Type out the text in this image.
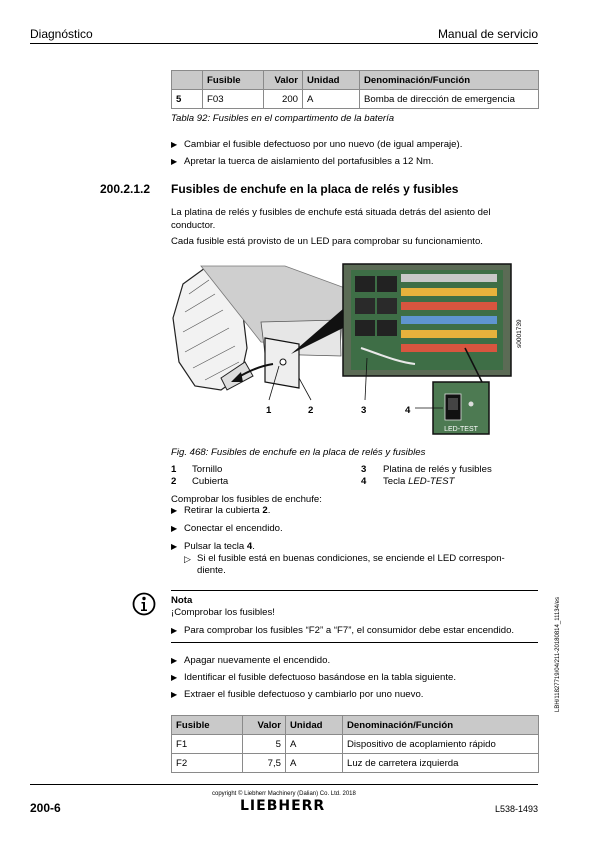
Diagnóstico	Manual de servicio
	Fusible	Valor	Unidad	Denominación/Función
5	F03	200	A	Bomba de dirección de emergencia
Tabla 92: Fusibles en el compartimento de la batería
▶ Cambiar el fusible defectuoso por uno nuevo (de igual amperaje).
▶ Apretar la tuerca de aislamiento del portafusibles a 12 Nm.
200.2.1.2 Fusibles de enchufe en la placa de relés y fusibles
La platina de relés y fusibles de enchufe está situada detrás del asiento del conductor.
Cada fusible está provisto de un LED para comprobar su funcionamiento.
LED-TEST
s0001739
1	2	3	4
Fig. 468: Fusibles de enchufe en la placa de relés y fusibles
1 Tornillo	3 Platina de relés y fusibles
2 Cubierta	4 Tecla LED-TEST
Comprobar los fusibles de enchufe:
▶ Retirar la cubierta 2.
▶ Conectar el encendido.
▶ Pulsar la tecla 4.
▷ Si el fusible está en buenas condiciones, se enciende el LED correspon-diente.
Nota
¡Comprobar los fusibles!
▶ Para comprobar los fusibles “F2” a “F7”, el consumidor debe estar encendido.
▶ Apagar nuevamente el encendido.
▶ Identificar el fusible defectuoso basándose en la tabla siguiente.
▶ Extraer el fusible defectuoso y cambiarlo por uno nuevo.
Fusible	Valor	Unidad	Denominación/Función
F1	5	A	Dispositivo de acoplamiento rápido
F2	7,5	A	Luz de carretera izquierda
LBH/11827719/04/211-20180814_11134/es
200-6
copyright © Liebherr Machinery (Dalian) Co. Ltd. 2018
LIEBHERR	L538-1493
